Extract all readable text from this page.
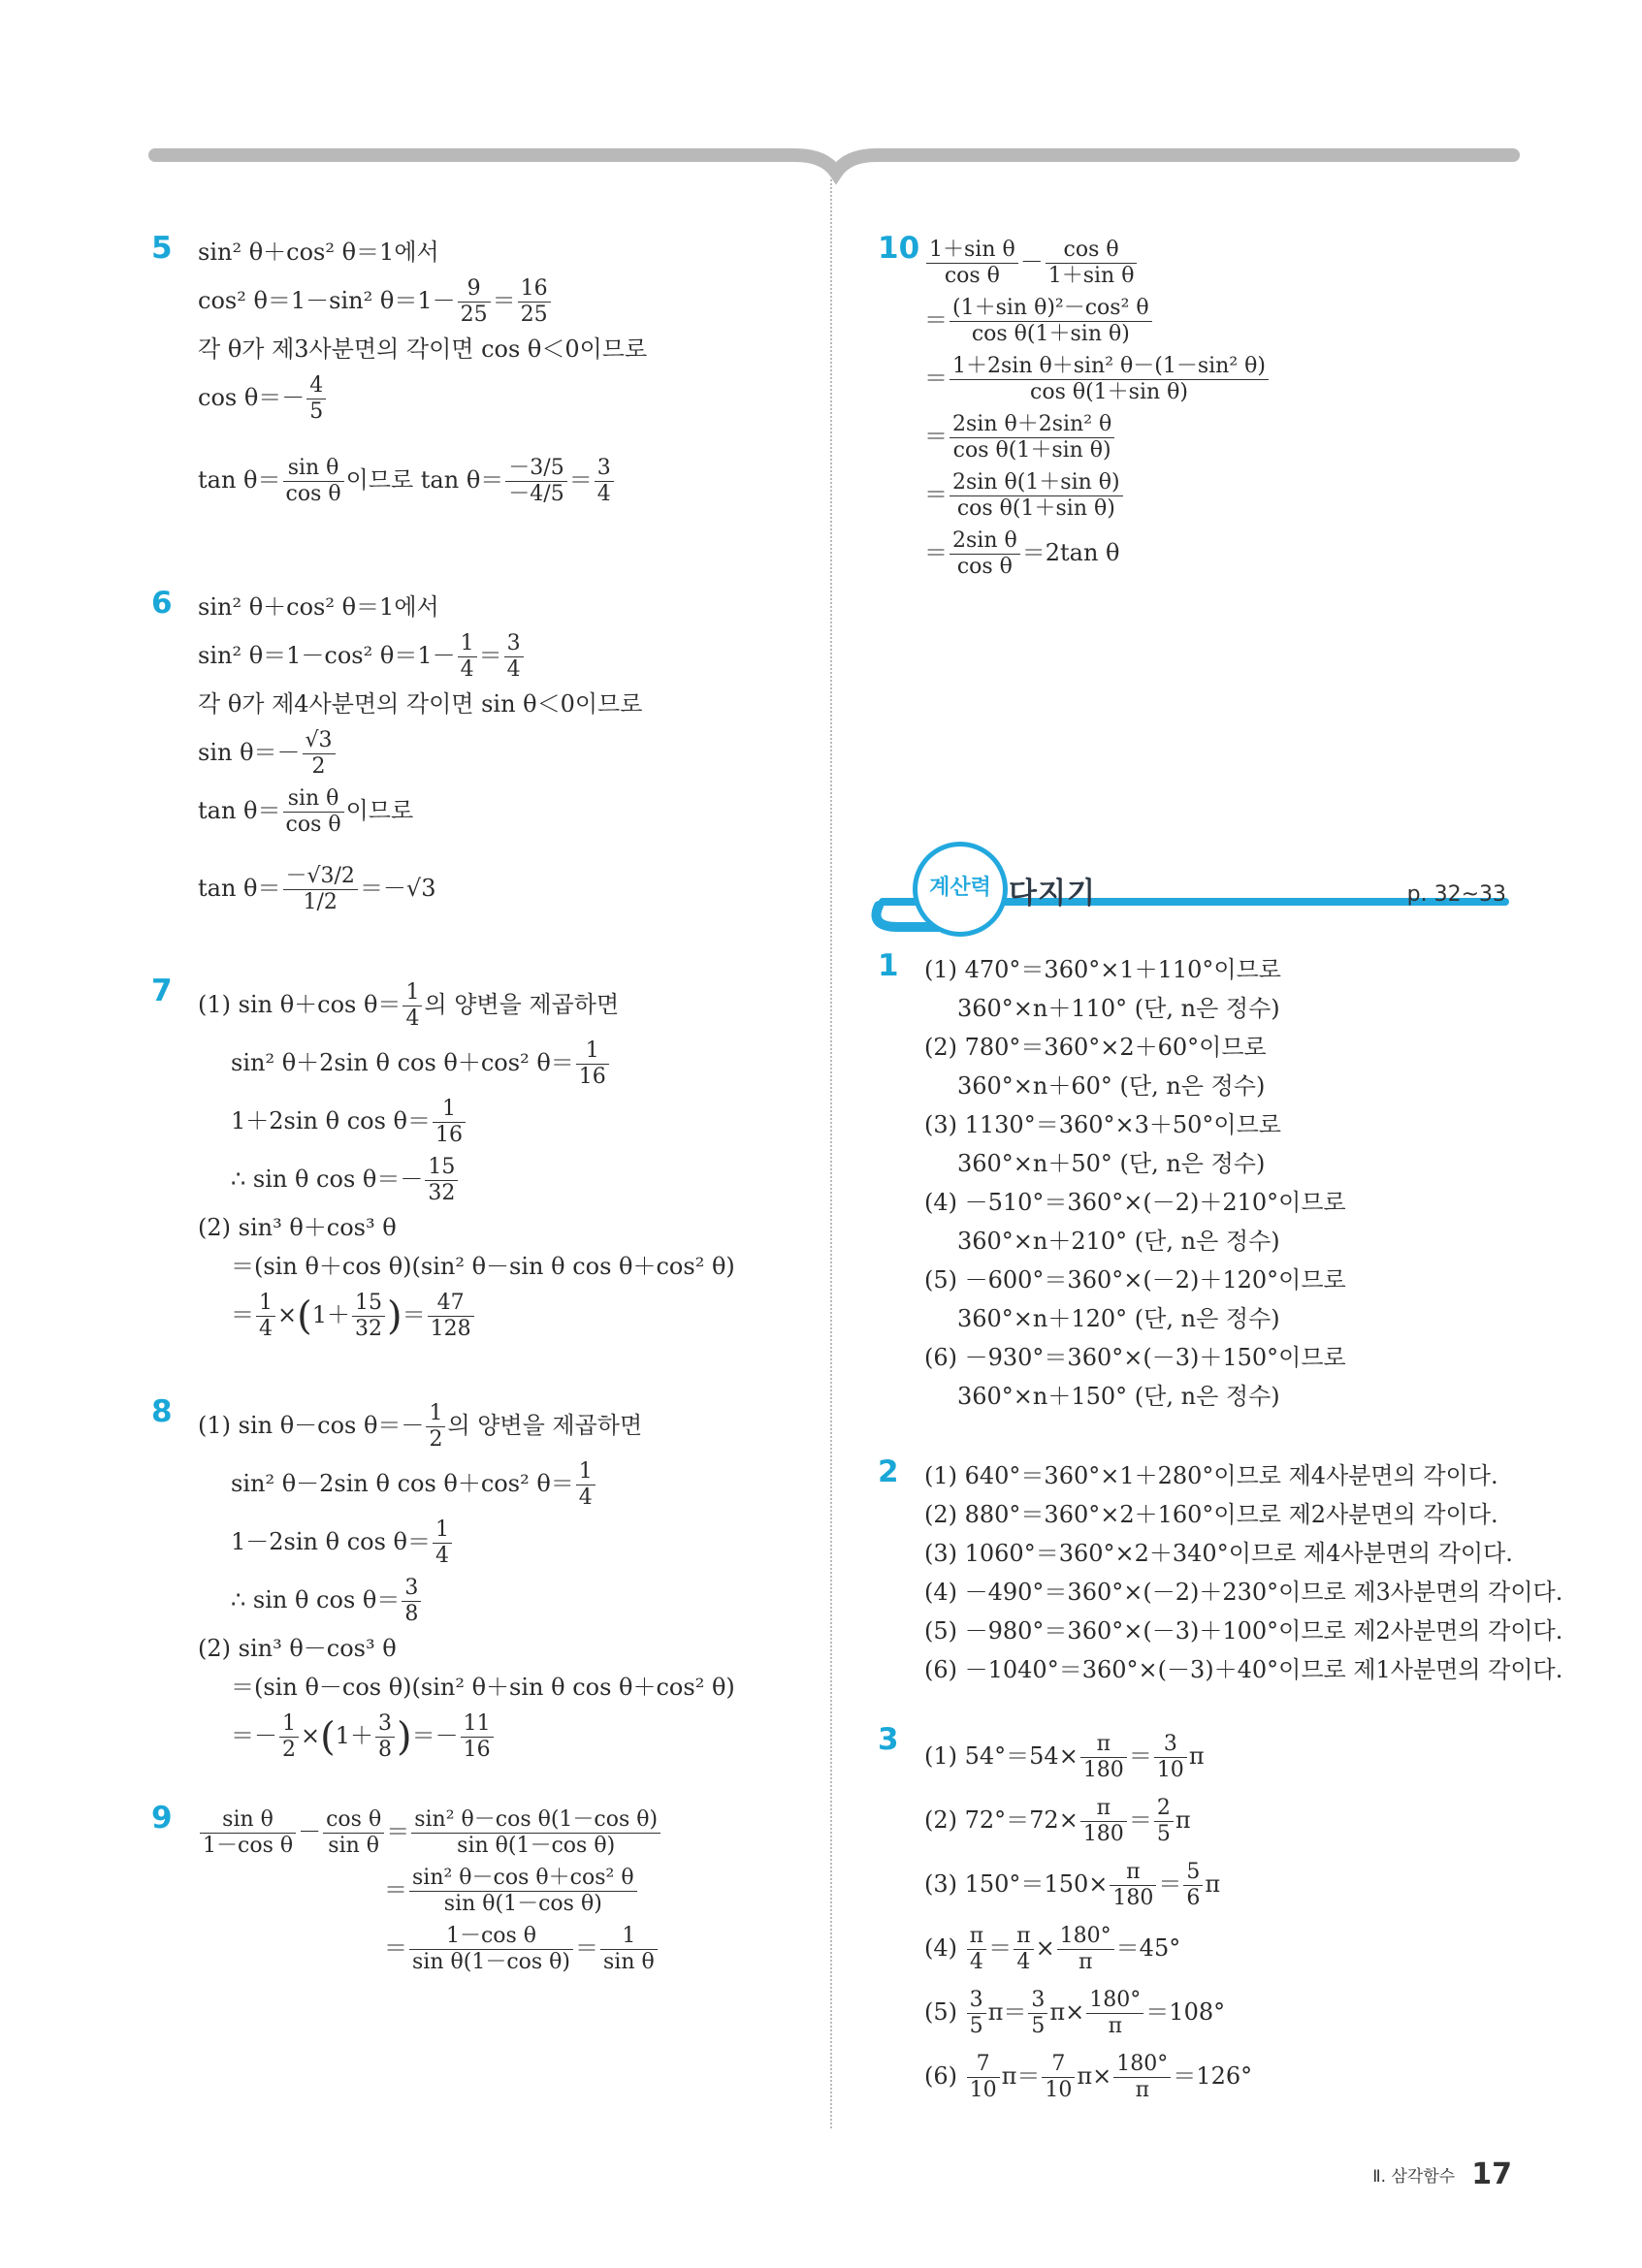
5 sin² θ＋cos² θ＝1에서
cos² θ＝1－sin² $\theta=1- \frac{9}{25} = \frac{16}{25}$
각 θ가 제3사분면의 각이면 cos θ＜0이므로
$\cos \theta=- \frac{4}{5}$
$\tan \theta= \frac{\text{sin θ}}{\text{cos θ}}$ 이므로 $\tan \theta= \frac{-3/5}{-4/5} = \frac{3}{4}$
6 sin² θ＋cos² θ＝1에서
sin² θ＝1－cos² $\theta=1- \frac{1}{4} = \frac{3}{4}$
각 θ가 제4사분면의 각이면 sin θ＜0이므로
$\sin \theta=- \frac{√3}{2}$
$\tan \theta= \frac{\text{sin θ}}{\text{cos θ}}$ 이므로
$\tan \theta= \frac{-√3/2}{1/2} =-√3$
7 (1) sin θ＋cos $\theta= \frac{1}{4}$ 의 양변을 제곱하면
sin² θ＋2sin θ cos θ＋cos² $\theta= \frac{1}{16}$
1＋2sin θ $\cos \theta= \frac{1}{16}$
∴ sin θ $\cos \theta=- \frac{15}{32}$
(2) sin³ θ＋cos³ θ
＝(sin θ＋cos θ)(sin² θ－sin θ cos θ＋cos² θ)
＝ $\frac{1}{4} \times(1+ \frac{15}{32}$ )＝ $\frac{47}{128}$
8 (1) sin θ－cos $\theta=- \frac{1}{2}$ 의 양변을 제곱하면
sin² θ－2sin θ cos θ＋cos² $\theta= \frac{1}{4}$
1－2sin θ $\cos \theta= \frac{1}{4}$
∴ sin θ $\cos \theta= \frac{3}{8}$
(2) sin³ θ－cos³ θ
＝(sin θ－cos θ)(sin² θ＋sin θ cos θ＋cos² θ)
＝－ $\frac{1}{2} \times(1+ \frac{3}{8}$ )＝－ $\frac{11}{16}$
$9 \frac{\text{sin θ}}{\text{1－cos θ}} - \frac{\text{cos θ}}{\text{sin θ}} = \frac{\text{sin² θ－cos θ(1－cos θ)}}{\text{sin θ(1－cos θ)}}$
＝ $\frac{\text{sin² θ－cos θ＋cos² θ}}{\text{sin θ(1－cos θ)}}$
＝ $\frac{\text{1－cos θ}}{\text{sin θ(1－cos θ)}} = \frac{1}{\text{sin θ}}$
$10 \frac{\text{1＋sin θ}}{\text{cos θ}} - \frac{\text{cos θ}}{\text{1＋sin θ}}$
＝ $\frac{\text{(1＋sin θ)²－cos² θ}}{\text{cos θ(1＋sin θ)}}$
＝ $\frac{\text{1＋2sin θ＋sin² θ－(1－sin² θ)}}{\text{cos θ(1＋sin θ)}}$
＝ $\frac{\text{2sin θ＋2sin² θ}}{\text{cos θ(1＋sin θ)}}$
＝ $\frac{\text{2sin θ(1＋sin θ)}}{\text{cos θ(1＋sin θ)}}$
＝ $\frac{\text{2sin θ}}{\text{cos θ}} =2\tan$ θ
계산력 다지기	p. 32~33
1 (1) 470°＝360°×1＋110°이므로
360°×n＋110° (단, n은 정수)
(2) 780°＝360°×2＋60°이므로
360°×n＋60° (단, n은 정수)
(3) 1130°＝360°×3＋50°이므로
360°×n＋50° (단, n은 정수)
(4) －510°＝360°×(－2)＋210°이므로
360°×n＋210° (단, n은 정수)
(5) －600°＝360°×(－2)＋120°이므로
360°×n＋120° (단, n은 정수)
(6) －930°＝360°×(－3)＋150°이므로
360°×n＋150° (단, n은 정수)
2 (1) 640°＝360°×1＋280°이므로 제4사분면의 각이다.
(2) 880°＝360°×2＋160°이므로 제2사분면의 각이다.
(3) 1060°＝360°×2＋340°이므로 제4사분면의 각이다.
(4) －490°＝360°×(－2)＋230°이므로 제3사분면의 각이다.
(5) －980°＝360°×(－3)＋100°이므로 제2사분면의 각이다.
(6) －1040°＝360°×(－3)＋40°이므로 제1사분면의 각이다.
3 (1) $54^\circ=54\times \frac{\pi}{180} = \frac{3}{10}$ π
(2) $72^\circ=72\times \frac{\pi}{180} = \frac{2}{5}$ π
(3) $150^\circ=150\times \frac{\pi}{180} = \frac{5}{6}$ π
$(4) \frac{\pi}{4} = \frac{\pi}{4} \times \frac{180^\circ}{\pi} =45^\circ$
$(5) \frac{3}{5} \pi= \frac{3}{5} \pi\times \frac{180^\circ}{\pi} =108^\circ$
$(6) \frac{7}{10} \pi= \frac{7}{10} \pi\times \frac{180^\circ}{\pi} =126^\circ$
Ⅱ. 삼각함수 17
